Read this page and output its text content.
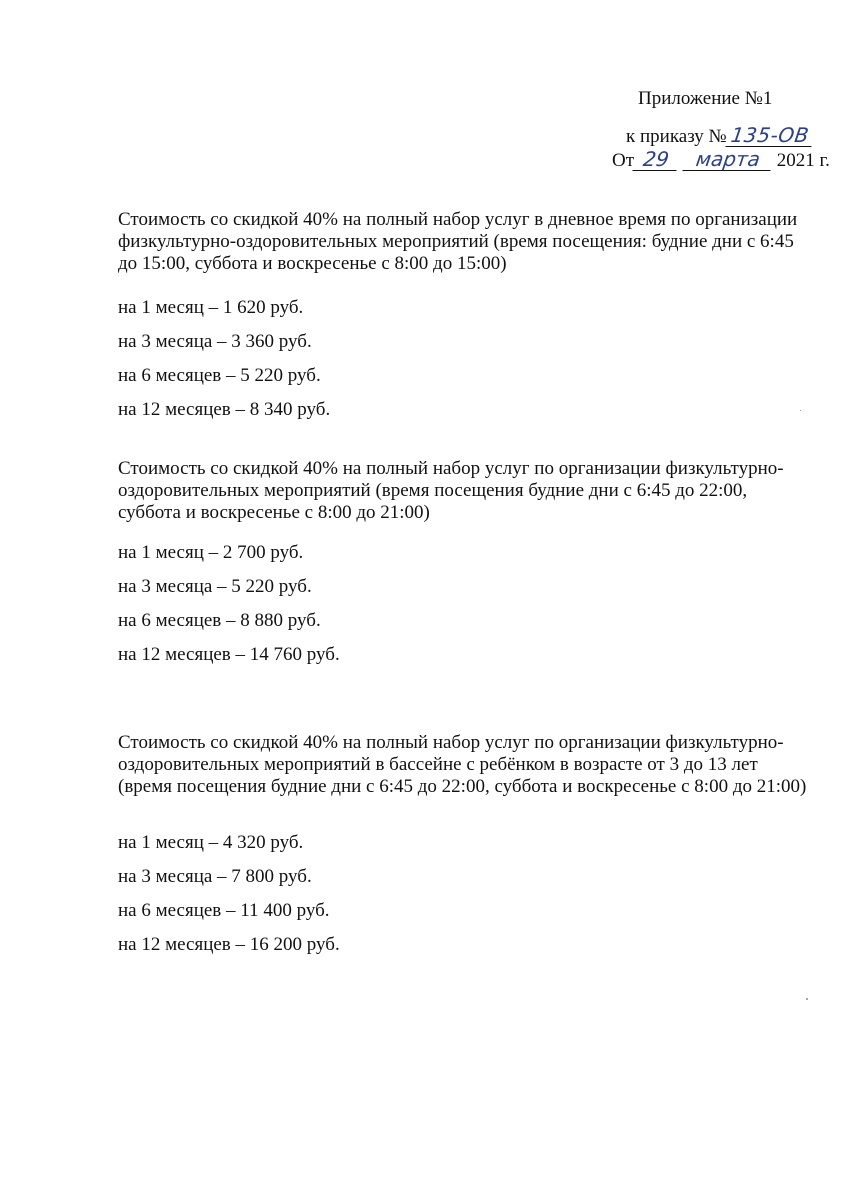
Приложение №1
к приказу № 135-ОВ
От 29 марта 2021 г.

Стоимость со скидкой 40% на полный набор услуг в дневное время по организации физкультурно-оздоровительных мероприятий (время посещения: будние дни с 6:45 до 15:00, суббота и воскресенье с 8:00 до 15:00)

на 1 месяц – 1 620 руб.
на 3 месяца – 3 360 руб.
на 6 месяцев – 5 220 руб.
на 12 месяцев – 8 340 руб.

Стоимость со скидкой 40% на полный набор услуг по организации физкультурно-оздоровительных мероприятий (время посещения будние дни с 6:45 до 22:00, суббота и воскресенье с 8:00 до 21:00)

на 1 месяц – 2 700 руб.
на 3 месяца – 5 220 руб.
на 6 месяцев – 8 880 руб.
на 12 месяцев – 14 760 руб.

Стоимость со скидкой 40% на полный набор услуг по организации физкультурно-оздоровительных мероприятий в бассейне с ребёнком в возрасте от 3 до 13 лет (время посещения будние дни с 6:45 до 22:00, суббота и воскресенье с 8:00 до 21:00)

на 1 месяц – 4 320 руб.
на 3 месяца – 7 800 руб.
на 6 месяцев – 11 400 руб.
на 12 месяцев – 16 200 руб.
